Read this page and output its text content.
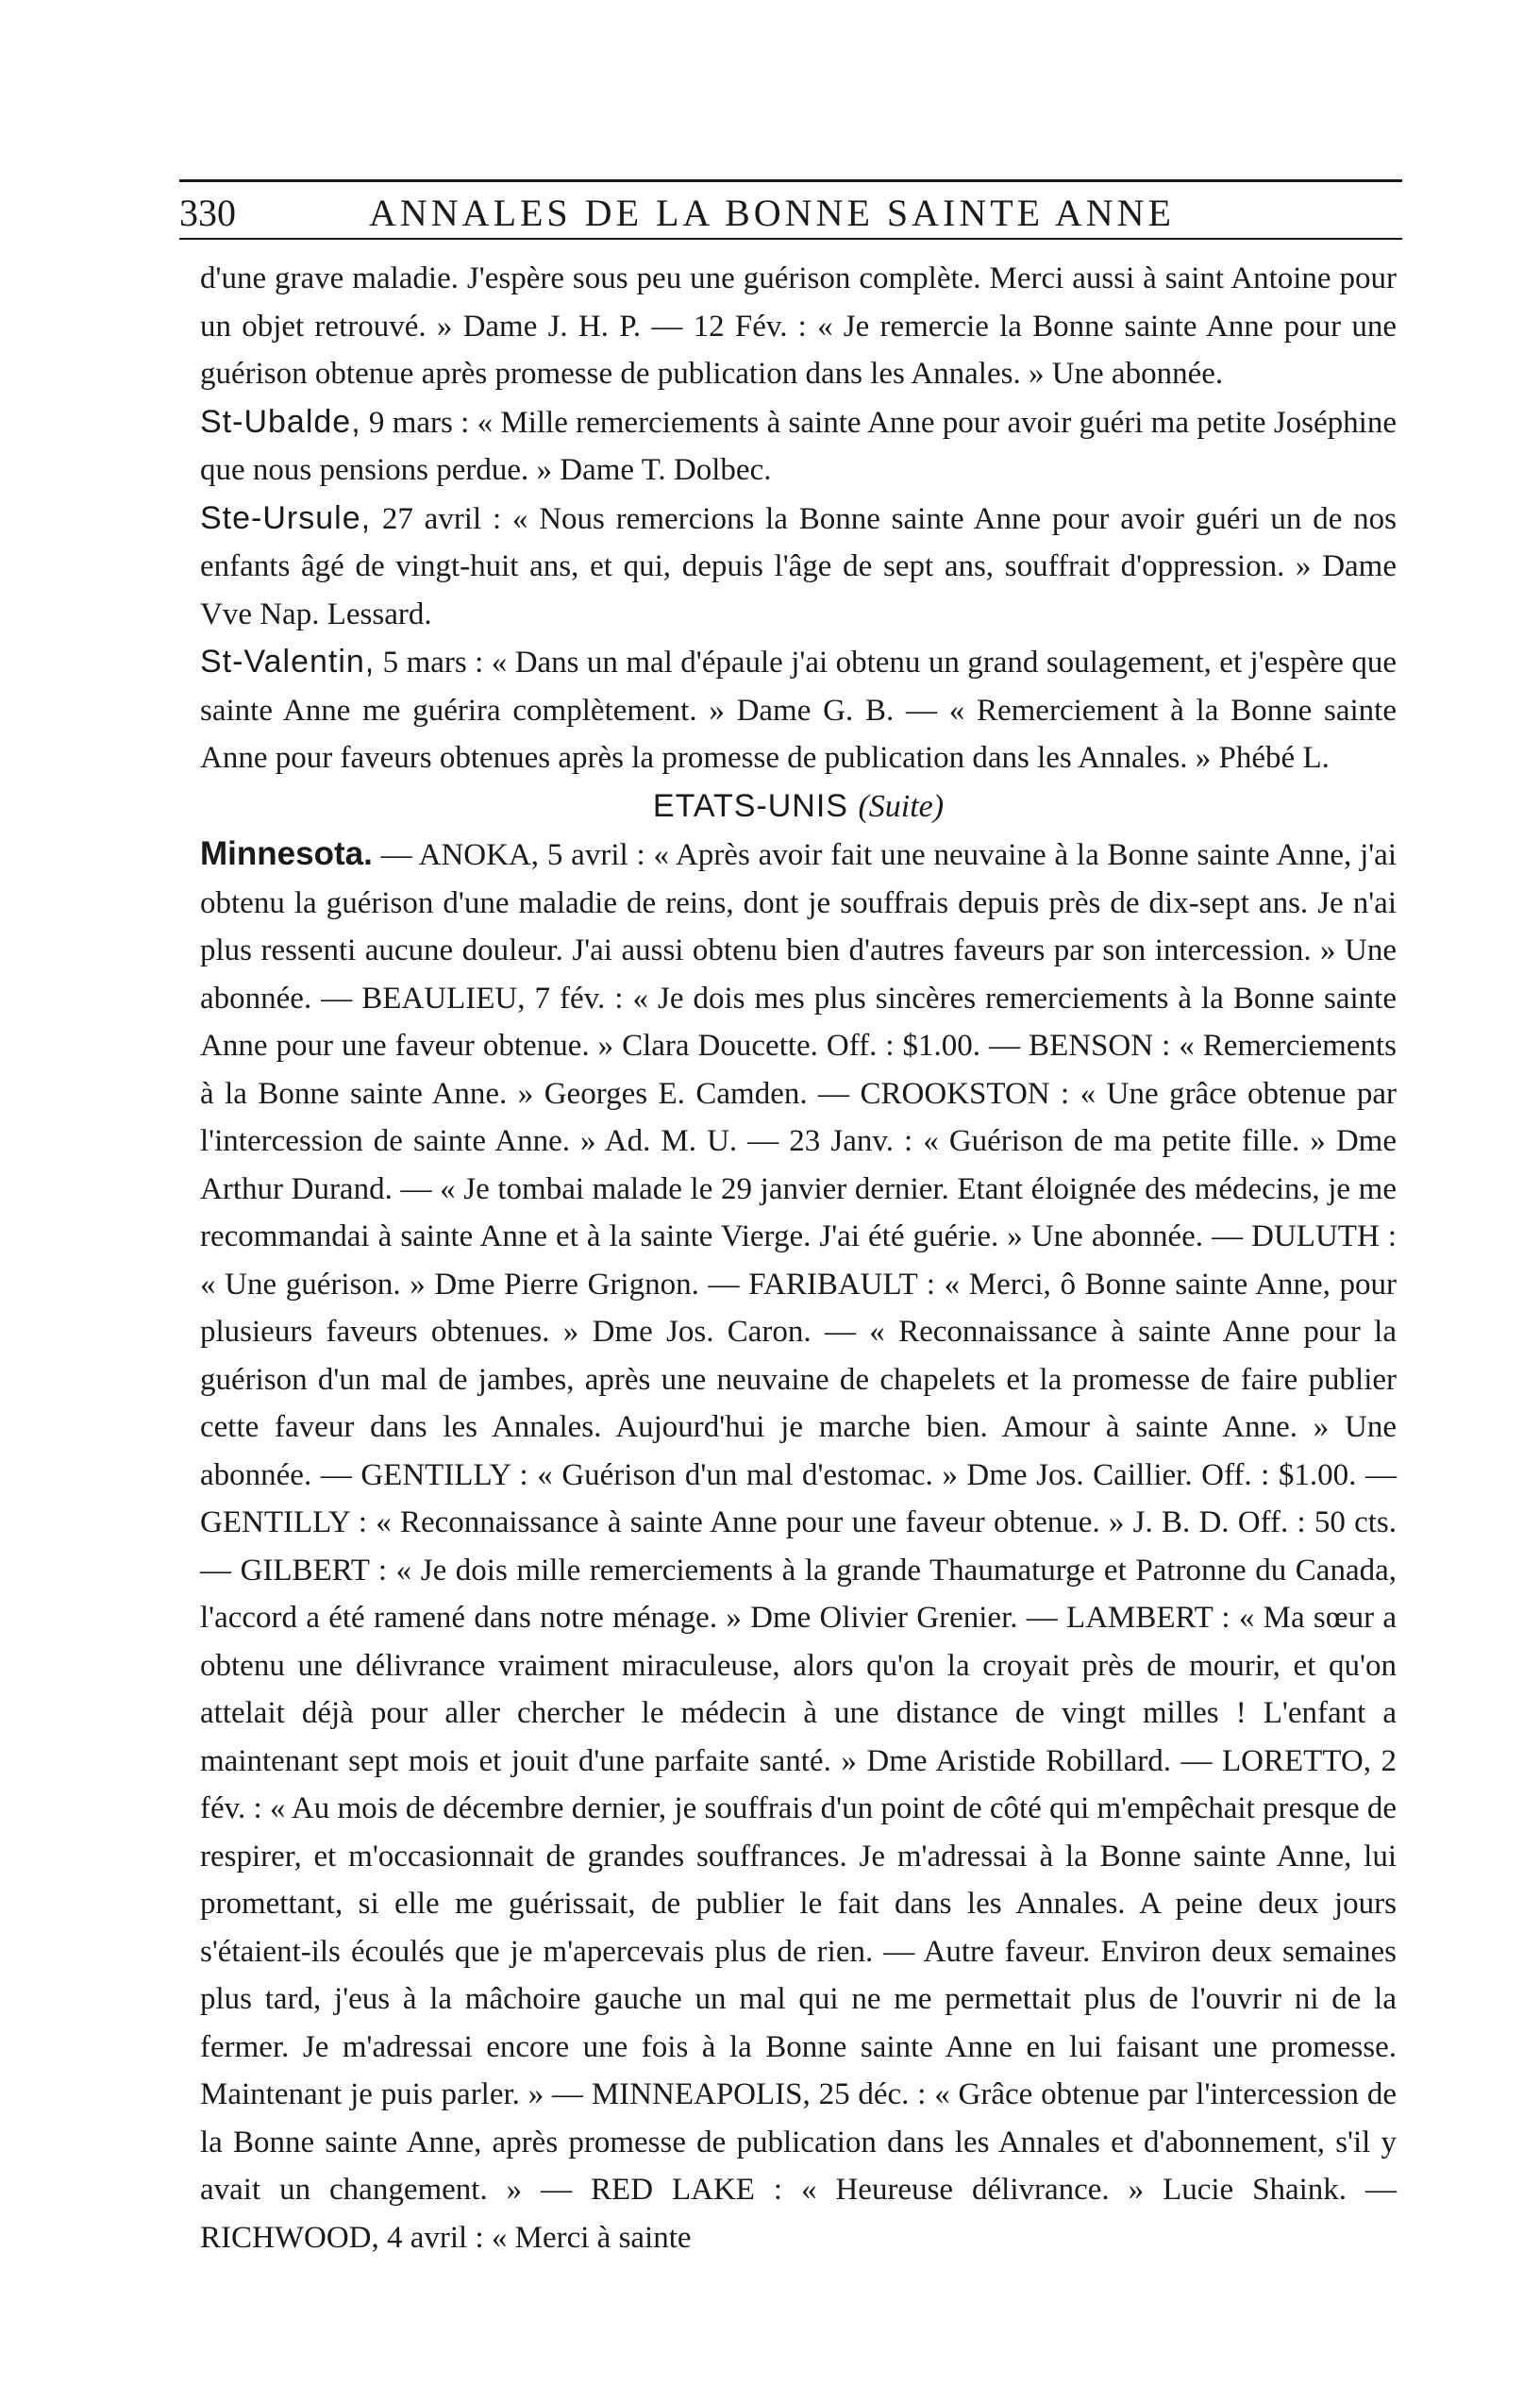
330	ANNALES DE LA BONNE SAINTE ANNE

d'une grave maladie. J'espère sous peu une guérison complète. Merci aussi à saint Antoine pour un objet retrouvé. » Dame J. H. P. — 12 Fév. : « Je remercie la Bonne sainte Anne pour une guérison obtenue après promesse de publication dans les Annales. » Une abonnée.

St-Ubalde, 9 mars : « Mille remerciements à sainte Anne pour avoir guéri ma petite Joséphine que nous pensions perdue. » Dame T. Dolbec.

Ste-Ursule, 27 avril : « Nous remercions la Bonne sainte Anne pour avoir guéri un de nos enfants âgé de vingt-huit ans, et qui, depuis l'âge de sept ans, souffrait d'oppression. » Dame Vve Nap. Lessard.

St-Valentin, 5 mars : « Dans un mal d'épaule j'ai obtenu un grand soulagement, et j'espère que sainte Anne me guérira complètement. » Dame G. B. — « Remerciement à la Bonne sainte Anne pour faveurs obtenues après la promesse de publication dans les Annales. » Phébé L.

ETATS-UNIS (Suite)

Minnesota. — ANOKA, 5 avril : « Après avoir fait une neuvaine à la Bonne sainte Anne, j'ai obtenu la guérison d'une maladie de reins, dont je souffrais depuis près de dix-sept ans. Je n'ai plus ressenti aucune douleur. J'ai aussi obtenu bien d'autres faveurs par son intercession. » Une abonnée. — BEAULIEU, 7 fév. : « Je dois mes plus sincères remerciements à la Bonne sainte Anne pour une faveur obtenue. » Clara Doucette. Off. : $1.00. — BENSON : « Remerciements à la Bonne sainte Anne. » Georges E. Camden. — CROOKSTON : « Une grâce obtenue par l'intercession de sainte Anne. » Ad. M. U. — 23 Janv. : « Guérison de ma petite fille. » Dme Arthur Durand. — « Je tombai malade le 29 janvier dernier. Etant éloignée des médecins, je me recommandai à sainte Anne et à la sainte Vierge. J'ai été guérie. » Une abonnée. — DULUTH : « Une guérison. » Dme Pierre Grignon. — FARIBAULT : « Merci, ô Bonne sainte Anne, pour plusieurs faveurs obtenues. » Dme Jos. Caron. — « Reconnaissance à sainte Anne pour la guérison d'un mal de jambes, après une neuvaine de chapelets et la promesse de faire publier cette faveur dans les Annales. Aujourd'hui je marche bien. Amour à sainte Anne. » Une abonnée. — GENTILLY : « Guérison d'un mal d'estomac. » Dme Jos. Caillier. Off. : $1.00. — GENTILLY : « Reconnaissance à sainte Anne pour une faveur obtenue. » J. B. D. Off. : 50 cts. — GILBERT : « Je dois mille remerciements à la grande Thaumaturge et Patronne du Canada, l'accord a été ramené dans notre ménage. » Dme Olivier Grenier. — LAMBERT : « Ma sœur a obtenu une délivrance vraiment miraculeuse, alors qu'on la croyait près de mourir, et qu'on attelait déjà pour aller chercher le médecin à une distance de vingt milles ! L'enfant a maintenant sept mois et jouit d'une parfaite santé. » Dme Aristide Robillard. — LORETTO, 2 fév. : « Au mois de décembre dernier, je souffrais d'un point de côté qui m'empêchait presque de respirer, et m'occasionnait de grandes souffrances. Je m'adressai à la Bonne sainte Anne, lui promettant, si elle me guérissait, de publier le fait dans les Annales. A peine deux jours s'étaient-ils écoulés que je m'apercevais plus de rien. — Autre faveur. Environ deux semaines plus tard, j'eus à la mâchoire gauche un mal qui ne me permettait plus de l'ouvrir ni de la fermer. Je m'adressai encore une fois à la Bonne sainte Anne en lui faisant une promesse. Maintenant je puis parler. » — MINNEAPOLIS, 25 déc. : « Grâce obtenue par l'intercession de la Bonne sainte Anne, après promesse de publication dans les Annales et d'abonnement, s'il y avait un changement. » — RED LAKE : « Heureuse délivrance. » Lucie Shaink. — RICHWOOD, 4 avril : « Merci à sainte
